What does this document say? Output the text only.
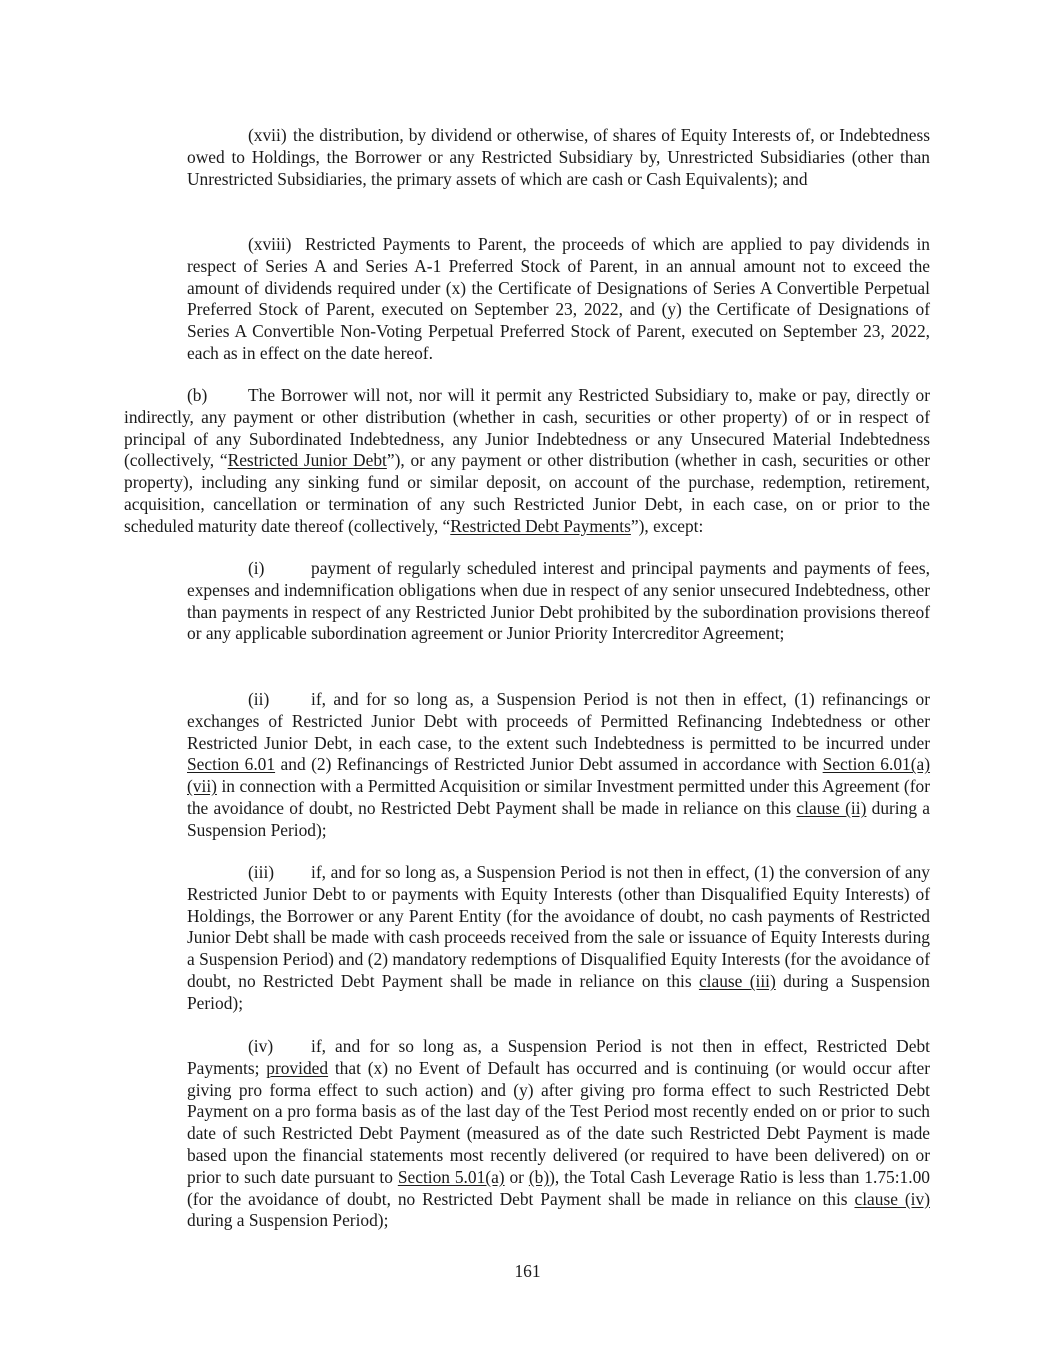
(xvii) the distribution, by dividend or otherwise, of shares of Equity Interests of, or Indebtedness owed to Holdings, the Borrower or any Restricted Subsidiary by, Unrestricted Subsidiaries (other than Unrestricted Subsidiaries, the primary assets of which are cash or Cash Equivalents); and

(xviii) Restricted Payments to Parent, the proceeds of which are applied to pay dividends in respect of Series A and Series A-1 Preferred Stock of Parent, in an annual amount not to exceed the amount of dividends required under (x) the Certificate of Designations of Series A Convertible Perpetual Preferred Stock of Parent, executed on September 23, 2022, and (y) the Certificate of Designations of Series A Convertible Non-Voting Perpetual Preferred Stock of Parent, executed on September 23, 2022, each as in effect on the date hereof.

(b) The Borrower will not, nor will it permit any Restricted Subsidiary to, make or pay, directly or indirectly, any payment or other distribution (whether in cash, securities or other property) of or in respect of principal of any Subordinated Indebtedness, any Junior Indebtedness or any Unsecured Material Indebtedness (collectively, “Restricted Junior Debt”), or any payment or other distribution (whether in cash, securities or other property), including any sinking fund or similar deposit, on account of the purchase, redemption, retirement, acquisition, cancellation or termination of any such Restricted Junior Debt, in each case, on or prior to the scheduled maturity date thereof (collectively, “Restricted Debt Payments”), except:

(i)	payment of regularly scheduled interest and principal payments and payments of fees, expenses and indemnification obligations when due in respect of any senior unsecured Indebtedness, other than payments in respect of any Restricted Junior Debt prohibited by the subordination provisions thereof or any applicable subordination agreement or Junior Priority Intercreditor Agreement;

(ii) if, and for so long as, a Suspension Period is not then in effect, (1) refinancings or exchanges of Restricted Junior Debt with proceeds of Permitted Refinancing Indebtedness or other Restricted Junior Debt, in each case, to the extent such Indebtedness is permitted to be incurred under Section 6.01 and (2) Refinancings of Restricted Junior Debt assumed in accordance with Section 6.01(a)(vii) in connection with a Permitted Acquisition or similar Investment permitted under this Agreement (for the avoidance of doubt, no Restricted Debt Payment shall be made in reliance on this clause (ii) during a Suspension Period);

(iii) if, and for so long as, a Suspension Period is not then in effect, (1) the conversion of any Restricted Junior Debt to or payments with Equity Interests (other than Disqualified Equity Interests) of Holdings, the Borrower or any Parent Entity (for the avoidance of doubt, no cash payments of Restricted Junior Debt shall be made with cash proceeds received from the sale or issuance of Equity Interests during a Suspension Period) and (2) mandatory redemptions of Disqualified Equity Interests (for the avoidance of doubt, no Restricted Debt Payment shall be made in reliance on this clause (iii) during a Suspension Period);

(iv) if, and for so long as, a Suspension Period is not then in effect, Restricted Debt Payments; provided that (x) no Event of Default has occurred and is continuing (or would occur after giving pro forma effect to such action) and (y) after giving pro forma effect to such Restricted Debt Payment on a pro forma basis as of the last day of the Test Period most recently ended on or prior to such date of such Restricted Debt Payment (measured as of the date such Restricted Debt Payment is made based upon the financial statements most recently delivered (or required to have been delivered) on or prior to such date pursuant to Section 5.01(a) or (b)), the Total Cash Leverage Ratio is less than 1.75:1.00 (for the avoidance of doubt, no Restricted Debt Payment shall be made in reliance on this clause (iv) during a Suspension Period);

161
